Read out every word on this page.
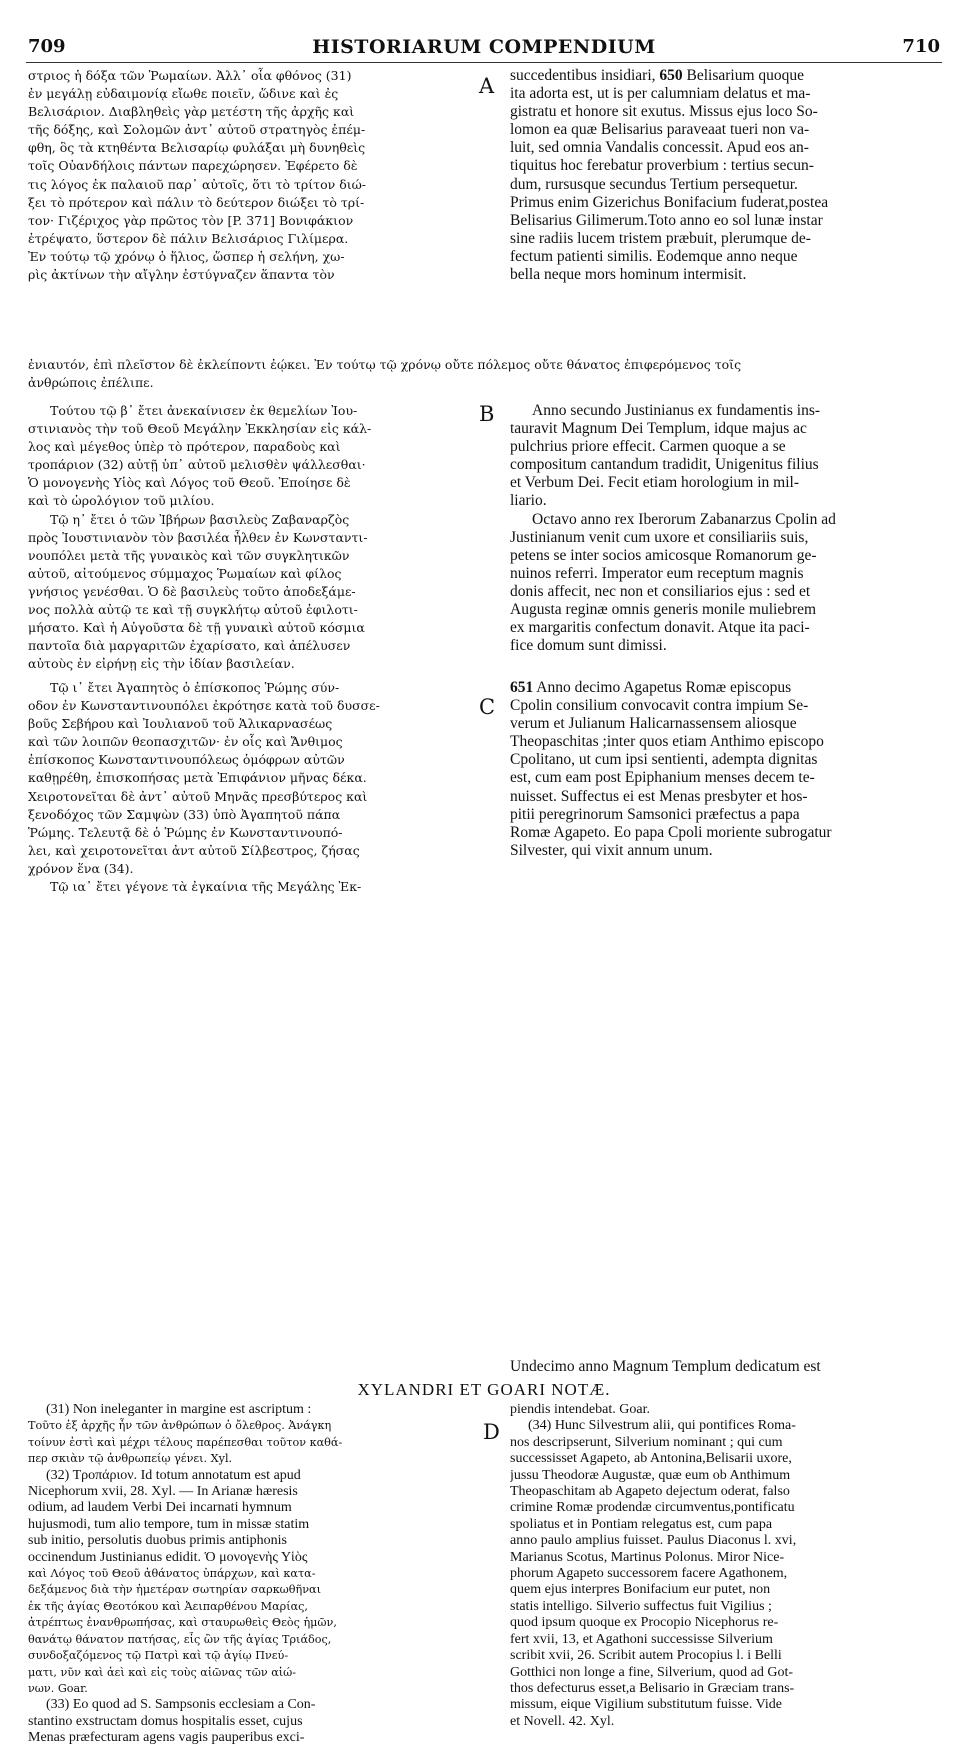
709	HISTORIARUM COMPENDIUM	710
στριος ἡ δόξα τῶν Ῥωμαίων. Ἀλλ᾽ οἷα φθόνος (31)
ἐν μεγάλῃ εὐδαιμονίᾳ εἴωθε ποιεῖν, ὥδινε καὶ ἐς
Βελισάριον. Διαβληθεὶς γὰρ μετέστη τῆς ἀρχῆς καὶ
τῆς δόξης, καὶ Σολομῶν ἀντ᾽ αὐτοῦ στρατηγὸς ἐπέμ-
φθη, ὃς τὰ κτηθέντα Βελισαρίῳ φυλάξαι μὴ δυνηθεὶς
τοῖς Οὐανδήλοις πάντων παρεχώρησεν. Ἐφέρετο δὲ
τις λόγος ἐκ παλαιοῦ παρ᾽ αὐτοῖς, ὅτι τὸ τρίτον διώ-
ξει τὸ πρότερον καὶ πάλιν τὸ δεύτερον διώξει τὸ τρί-
τον· Γιζέριχος γὰρ πρῶτος τὸν [P. 371] Βονιφάκιον
ἐτρέψατο, ὕστερον δὲ πάλιν Βελισάριος Γιλίμερα.
Ἐν τούτῳ τῷ χρόνῳ ὁ ἥλιος, ὥσπερ ἡ σελήνη, χω-
ρὶς ἀκτίνων τὴν αἴγλην ἐστύγναζεν ἅπαντα τὸν
succedentibus insidiari, 650 Belisarium quoque
ita adorta est, ut is per calumniam delatus et ma-
gistratu et honore sit exutus. Missus ejus loco So-
lomon ea quæ Belisarius paraveaat tueri non va-
luit, sed omnia Vandalis concessit. Apud eos an-
tiquitus hoc ferebatur proverbium : tertius secun-
dum, rursusque secundus Tertium persequetur.
Primus enim Gizerichus Bonifacium fuderat,postea
Belisarius Gilimerum.Toto anno eo sol lunæ instar
sine radiis lucem tristem præbuit, plerumque de-
fectum patienti similis. Eodemque anno neque
bella neque mors hominum intermisit.
A
ἐνιαυτόν, ἐπὶ πλεῖστον δὲ ἐκλείποντι ἐῴκει. Ἐν τούτῳ τῷ χρόνῳ οὔτε πόλεμος οὔτε θάνατος ἐπιφερόμενος τοῖς
ἀνθρώποις ἐπέλιπε.
Τούτου τῷ β᾽ ἔτει ἀνεκαίνισεν ἐκ θεμελίων Ἰου-
στινιανὸς τὴν τοῦ Θεοῦ Μεγάλην Ἐκκλησίαν εἰς κάλ-
λος καὶ μέγεθος ὑπὲρ τὸ πρότερον, παραδοὺς καὶ
τροπάριον (32) αὐτῇ ὑπ᾽ αὐτοῦ μελισθὲν ψάλλεσθαι·
Ὁ μονογενὴς Υἱὸς καὶ Λόγος τοῦ Θεοῦ. Ἐποίησε δὲ
καὶ τὸ ὡρολόγιον τοῦ μιλίου.
Τῷ η᾽ ἔτει ὁ τῶν Ἰβήρων βασιλεὺς Ζαβαναρζὸς
πρὸς Ἰουστινιανὸν τὸν βασιλέα ἦλθεν ἐν Κωνσταντι-
νουπόλει μετὰ τῆς γυναικὸς καὶ τῶν συγκλητικῶν
αὐτοῦ, αἰτούμενος σύμμαχος Ῥωμαίων καὶ φίλος
γνήσιος γενέσθαι. Ὁ δὲ βασιλεὺς τοῦτο ἀποδεξάμε-
νος πολλὰ αὐτῷ τε καὶ τῇ συγκλήτῳ αὐτοῦ ἐφιλοτι-
μήσατο. Καὶ ἡ Αὐγοῦστα δὲ τῇ γυναικὶ αὐτοῦ κόσμια
παντοῖα διὰ μαργαριτῶν ἐχαρίσατο, καὶ ἀπέλυσεν
αὐτοὺς ἐν εἰρήνῃ εἰς τὴν ἰδίαν βασιλείαν.
Anno secundo Justinianus ex fundamentis ins-
tauravit Magnum Dei Templum, idque majus ac
pulchrius priore effecit. Carmen quoque a se
compositum cantandum tradidit, Unigenitus filius
et Verbum Dei. Fecit etiam horologium in mil-
liario.
Octavo anno rex Iberorum Zabanarzus Cpolin ad
Justinianum venit cum uxore et consiliariis suis,
petens se inter socios amicosque Romanorum ge-
nuinos referri. Imperator eum receptum magnis
donis affecit, nec non et consiliarios ejus : sed et
Augusta reginæ omnis generis monile muliebrem
ex margaritis confectum donavit. Atque ita paci-
fice domum sunt dimissi.
B
Τῷ ι᾽ ἔτει Ἀγαπητὸς ὁ ἐπίσκοπος Ῥώμης σύν-
οδον ἐν Κωνσταντινουπόλει ἐκρότησε κατὰ τοῦ δυσσε-
βοῦς Σεβήρου καὶ Ἰουλιανοῦ τοῦ Ἁλικαρνασέως
καὶ τῶν λοιπῶν θεοπασχιτῶν· ἐν οἷς καὶ Ἄνθιμος
ἐπίσκοπος Κωνσταντινουπόλεως ὁμόφρων αὐτῶν
καθῃρέθη, ἐπισκοπήσας μετὰ Ἐπιφάνιον μῆνας δέκα.
Χειροτονεῖται δὲ ἀντ᾽ αὐτοῦ Μηνᾶς πρεσβύτερος καὶ
ξενοδόχος τῶν Σαμψὼν (33) ὑπὸ Ἀγαπητοῦ πάπα
Ῥώμης. Τελευτᾷ δὲ ὁ Ῥώμης ἐν Κωνσταντινουπό-
λει, καὶ χειροτονεῖται ἀντ αὐτοῦ Σίλβεστρος, ζήσας
χρόνον ἕνα (34).
Τῷ ια᾽ ἔτει γέγονε τὰ ἐγκαίνια τῆς Μεγάλης Ἐκ-
651 Anno decimo Agapetus Romæ episcopus
Cpolin consilium convocavit contra impium Se-
verum et Julianum Halicarnassensem aliosque
Theopaschitas ;inter quos etiam Anthimo episcopo
Cpolitano, ut cum ipsi sentienti, adempta dignitas
est, cum eam post Epiphanium menses decem te-
nuisset. Suffectus ei est Menas presbyter et hos-
pitii peregrinorum Samsonici præfectus a papa
Romæ Agapeto. Eo papa Cpoli moriente subrogatur
Silvester, qui vixit annum unum.
C
Undecimo anno Magnum Templum dedicatum est
XYLANDRI ET GOARI NOTÆ.
(31) Non ineleganter in margine est ascriptum :
Τοῦτο ἐξ ἀρχῆς ἦν τῶν ἀνθρώπων ὁ ὄλεθρος. Ἀνάγκη
τοίνυν ἐστὶ καὶ μέχρι τέλους παρέπεσθαι τοῦτον καθά-
περ σκιὰν τῷ ἀνθρωπείῳ γένει. Xyl.
(32) Τροπάριον. Id totum annotatum est apud
Nicephorum xvii, 28. Xyl. — In Arianæ hæresis
odium, ad laudem Verbi Dei incarnati hymnum
hujusmodi, tum alio tempore, tum in missæ statim
sub initio, persolutis duobus primis antiphonis
occinendum Justinianus edidit. Ὁ μονογενὴς Υἱὸς
καὶ Λόγος τοῦ Θεοῦ ἀθάνατος ὑπάρχων, καὶ κατα-
δεξάμενος διὰ τὴν ἡμετέραν σωτηρίαν σαρκωθῆναι
ἐκ τῆς ἁγίας Θεοτόκου καὶ Ἀειπαρθένου Μαρίας,
ἀτρέπτως ἐνανθρωπήσας, καὶ σταυρωθεὶς Θεὸς ἡμῶν,
θανάτῳ θάνατον πατήσας, εἷς ὢν τῆς ἁγίας Τριάδος,
συνδοξαζόμενος τῷ Πατρὶ καὶ τῷ ἁγίῳ Πνεύ-
ματι, νῦν καὶ ἀεὶ καὶ εἰς τοὺς αἰῶνας τῶν αἰώ-
νων. Goar.
(33) Eo quod ad S. Sampsonis ecclesiam a Con-
stantino exstructam domus hospitalis esset, cujus
Menas præfecturam agens vagis pauperibus exci-
piendis intendebat. Goar.
(34) Hunc Silvestrum alii, qui pontifices Roma-
nos descripserunt, Silverium nominant ; qui cum
successisset Agapeto, ab Antonina,Belisarii uxore,
jussu Theodoræ Augustæ, quæ eum ob Anthimum
Theopaschitam ab Agapeto dejectum oderat, falso
crimine Romæ prodendæ circumventus,pontificatu
spoliatus et in Pontiam relegatus est, cum papa
anno paulo amplius fuisset. Paulus Diaconus l. xvi,
Marianus Scotus, Martinus Polonus. Miror Nice-
phorum Agapeto successorem facere Agathonem,
quem ejus interpres Bonifacium eur putet, non
statis intelligo. Silverio suffectus fuit Vigilius ;
quod ipsum quoque ex Procopio Nicephorus re-
fert xvii, 13, et Agathoni successisse Silverium
scribit xvii, 26. Scribit autem Procopius l. i Belli
Gotthici non longe a fine, Silverium, quod ad Got-
thos defecturus esset,a Belisario in Græciam trans-
missum, eique Vigilium substitutum fuisse. Vide
et Novell. 42. Xyl.
D
